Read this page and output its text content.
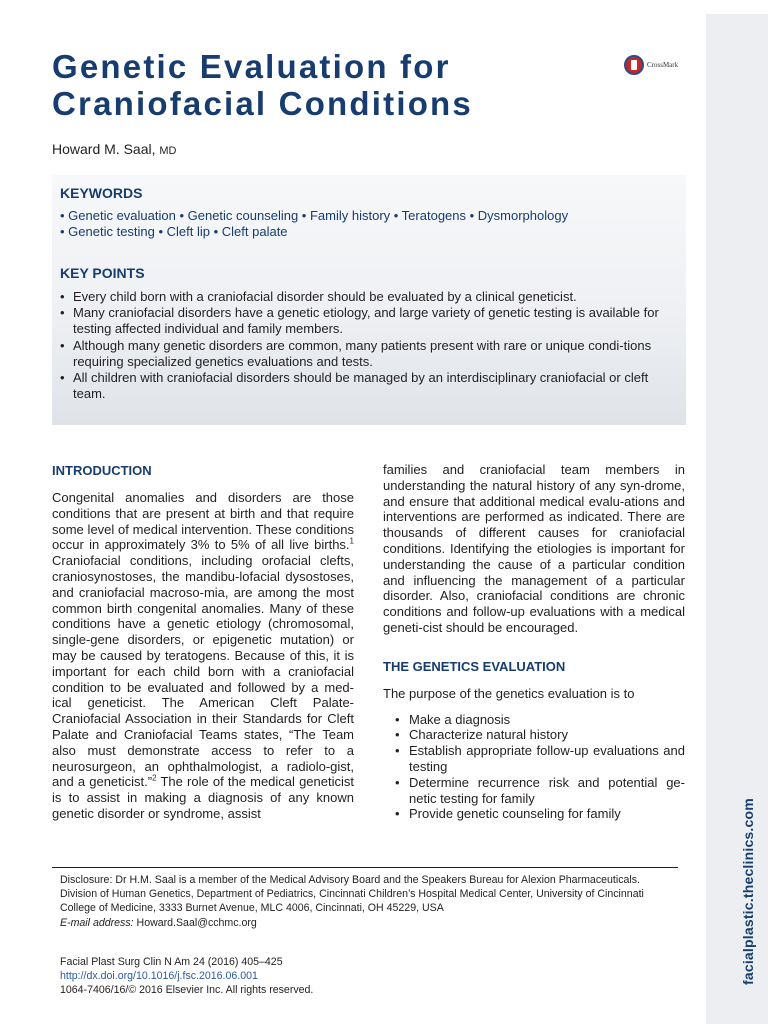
facialplastic.theclinics.com
Genetic Evaluation for
Craniofacial Conditions
CrossMark
Howard M. Saal, MD
KEYWORDS
• Genetic evaluation • Genetic counseling • Family history • Teratogens • Dysmorphology
• Genetic testing • Cleft lip • Cleft palate
KEY POINTS
• Every child born with a craniofacial disorder should be evaluated by a clinical geneticist.
• Many craniofacial disorders have a genetic etiology, and large variety of genetic testing is available for testing affected individual and family members.
• Although many genetic disorders are common, many patients present with rare or unique condi-tions requiring specialized genetics evaluations and tests.
• All children with craniofacial disorders should be managed by an interdisciplinary craniofacial or cleft team.
INTRODUCTION

Congenital anomalies and disorders are those conditions that are present at birth and that require some level of medical intervention. These conditions occur in approximately 3% to 5% of all live births.$^1$ Craniofacial conditions, including orofacial clefts, craniosynostoses, the mandibu-lofacial dysostoses, and craniofacial macroso-mia, are among the most common birth congenital anomalies. Many of these conditions have a genetic etiology (chromosomal, single-gene disorders, or epigenetic mutation) or may be caused by teratogens. Because of this, it is important for each child born with a craniofacial condition to be evaluated and followed by a med-ical geneticist. The American Cleft Palate-Craniofacial Association in their Standards for Cleft Palate and Craniofacial Teams states, “The Team also must demonstrate access to refer to a neurosurgeon, an ophthalmologist, a radiolo-gist, and a geneticist.”$^2$ The role of the medical geneticist is to assist in making a diagnosis of any known genetic disorder or syndrome, assist

families and craniofacial team members in understanding the natural history of any syn-drome, and ensure that additional medical evalu-ations and interventions are performed as indicated. There are thousands of different causes for craniofacial conditions. Identifying the etiologies is important for understanding the cause of a particular condition and influencing the management of a particular disorder. Also, craniofacial conditions are chronic conditions and follow-up evaluations with a medical geneti-cist should be encouraged.

THE GENETICS EVALUATION

The purpose of the genetics evaluation is to

• Make a diagnosis
• Characterize natural history
• Establish appropriate follow-up evaluations and testing
• Determine recurrence risk and potential ge-netic testing for family
• Provide genetic counseling for family

Disclosure: Dr H.M. Saal is a member of the Medical Advisory Board and the Speakers Bureau for Alexion Pharmaceuticals.

Division of Human Genetics, Department of Pediatrics, Cincinnati Children’s Hospital Medical Center, University of Cincinnati College of Medicine, 3333 Burnet Avenue, MLC 4006, Cincinnati, OH 45229, USA

E-mail address: Howard.Saal@cchmc.org

Facial Plast Surg Clin N Am 24 (2016) 405–425

http://dx.doi.org/10.1016/j.fsc.2016.06.001

1064-7406/16/© 2016 Elsevier Inc. All rights reserved.
